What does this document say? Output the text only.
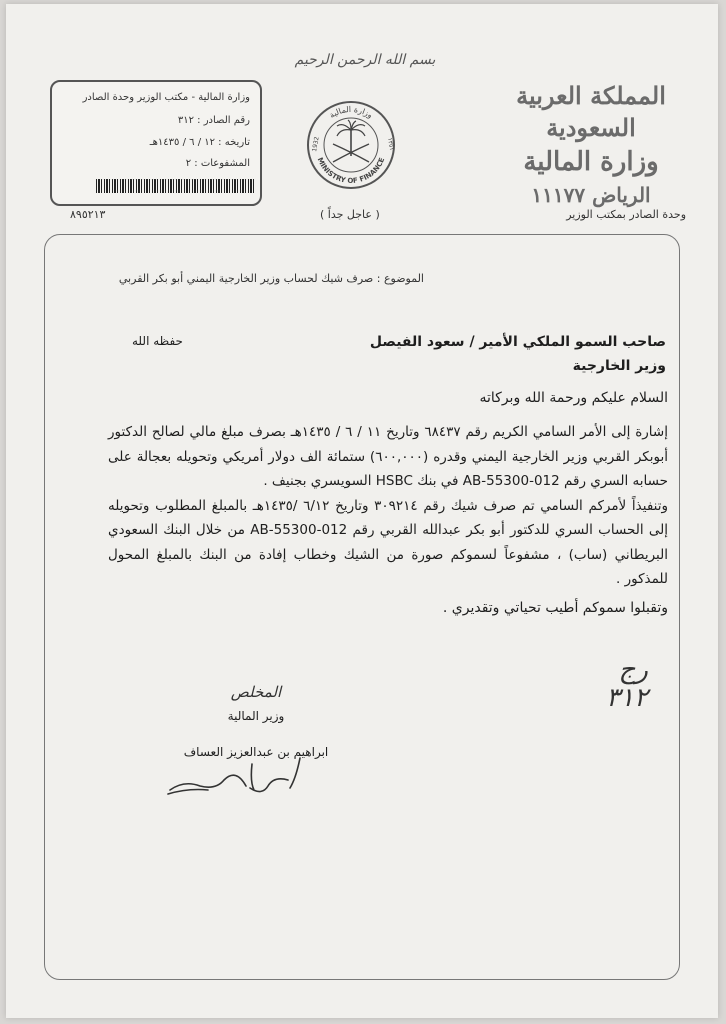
بسم الله الرحمن الرحيم
المملكة العربية السعودية
وزارة المالية
الرياض ١١١٧٧
وزارة المالية
MINISTRY OF FINANCE
1932	١٣٥١
وزارة المالية - مكتب الوزير وحدة الصادر
رقم الصادر : ٣١٢
تاريخه : ١٢ / ٦ / ١٤٣٥هـ
المشفوعات : ٢
٨٩٥٢١٣	( عاجل جداً )	وحدة الصادر بمكتب الوزير
الموضوع : صرف شيك لحساب وزير الخارجية اليمني أبو بكر القربي
صاحب السمو الملكي الأمير / سعود الفيصل
وزير الخارجية
حفظه الله
السلام عليكم ورحمة الله وبركاته

إشارة إلى الأمر السامي الكريم رقم ٦٨٤٣٧ وتاريخ ١١ / ٦ / ١٤٣٥هـ بصرف مبلغ مالي لصالح الدكتور أبوبكر القربي وزير الخارجية اليمني وقدره (٦٠٠,٠٠٠) ستمائة الف دولار أمريكي وتحويله بعجالة على حسابه السري رقم 012-55300-AB في بنك HSBC السويسري بجنيف .

وتنفيذاً لأمركم السامي تم صرف شيك رقم ٣٠٩٢١٤ وتاريخ ٦/١٢ /١٤٣٥هـ بالمبلغ المطلوب وتحويله إلى الحساب السري للدكتور أبو بكر عبدالله القربي رقم 012-55300-AB من خلال البنك السعودي البريطاني (ساب) ، مشفوعاً لسموكم صورة من الشيك وخطاب إفادة من البنك بالمبلغ المحول للمذكور .

وتقبلوا سموكم أطيب تحياتي وتقديري .
رج
٣١٢
المخلص
وزير المالية
ابراهيم بن عبدالعزيز العساف
